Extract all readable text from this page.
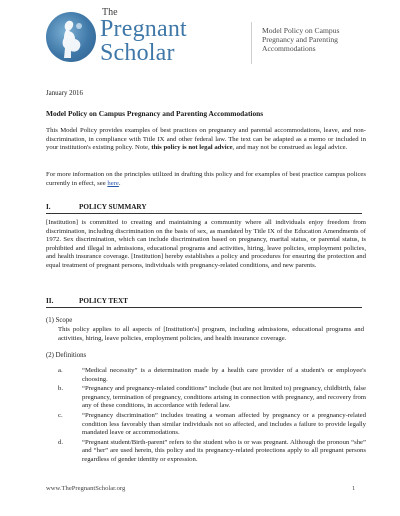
The
Pregnant
Scholar
Model Policy on Campus
Pregnancy and Parenting
Accommodations
January 2016
Model Policy on Campus Pregnancy and Parenting Accommodations
This Model Policy provides examples of best practices on pregnancy and parental accommodations, leave, and non-discrimination, in compliance with Title IX and other federal law. The text can be adapted as a memo or included in your institution's existing policy. Note, this policy is not legal advice, and may not be construed as legal advice.
For more information on the principles utilized in drafting this policy and for examples of best practice campus polices currently in effect, see here.
I.	POLICY SUMMARY
[Institution] is committed to creating and maintaining a community where all individuals enjoy freedom from discrimination, including discrimination on the basis of sex, as mandated by Title IX of the Education Amendments of 1972. Sex discrimination, which can include discrimination based on pregnancy, marital status, or parental status, is prohibited and illegal in admissions, educational programs and activities, hiring, leave policies, employment policies, and health insurance coverage. [Institution] hereby establishes a policy and procedures for ensuring the protection and equal treatment of pregnant persons, individuals with pregnancy-related conditions, and new parents.
II.	POLICY TEXT
(1) Scope
This policy applies to all aspects of [Institution's] program, including admissions, educational programs and activities, hiring, leave policies, employment policies, and health insurance coverage.
(2) Definitions
a.	“Medical necessity” is a determination made by a health care provider of a student's or employee's choosing.
b.	“Pregnancy and pregnancy-related conditions” include (but are not limited to) pregnancy, childbirth, false pregnancy, termination of pregnancy, conditions arising in connection with pregnancy, and recovery from any of these conditions, in accordance with federal law.
c.	“Pregnancy discrimination” includes treating a woman affected by pregnancy or a pregnancy-related condition less favorably than similar individuals not so affected, and includes a failure to provide legally mandated leave or accommodations.
d.	“Pregnant student/Birth-parent” refers to the student who is or was pregnant. Although the pronoun “she” and “her” are used herein, this policy and its pregnancy-related protections apply to all pregnant persons regardless of gender identity or expression.
www.ThePregnantScholar.org	1
